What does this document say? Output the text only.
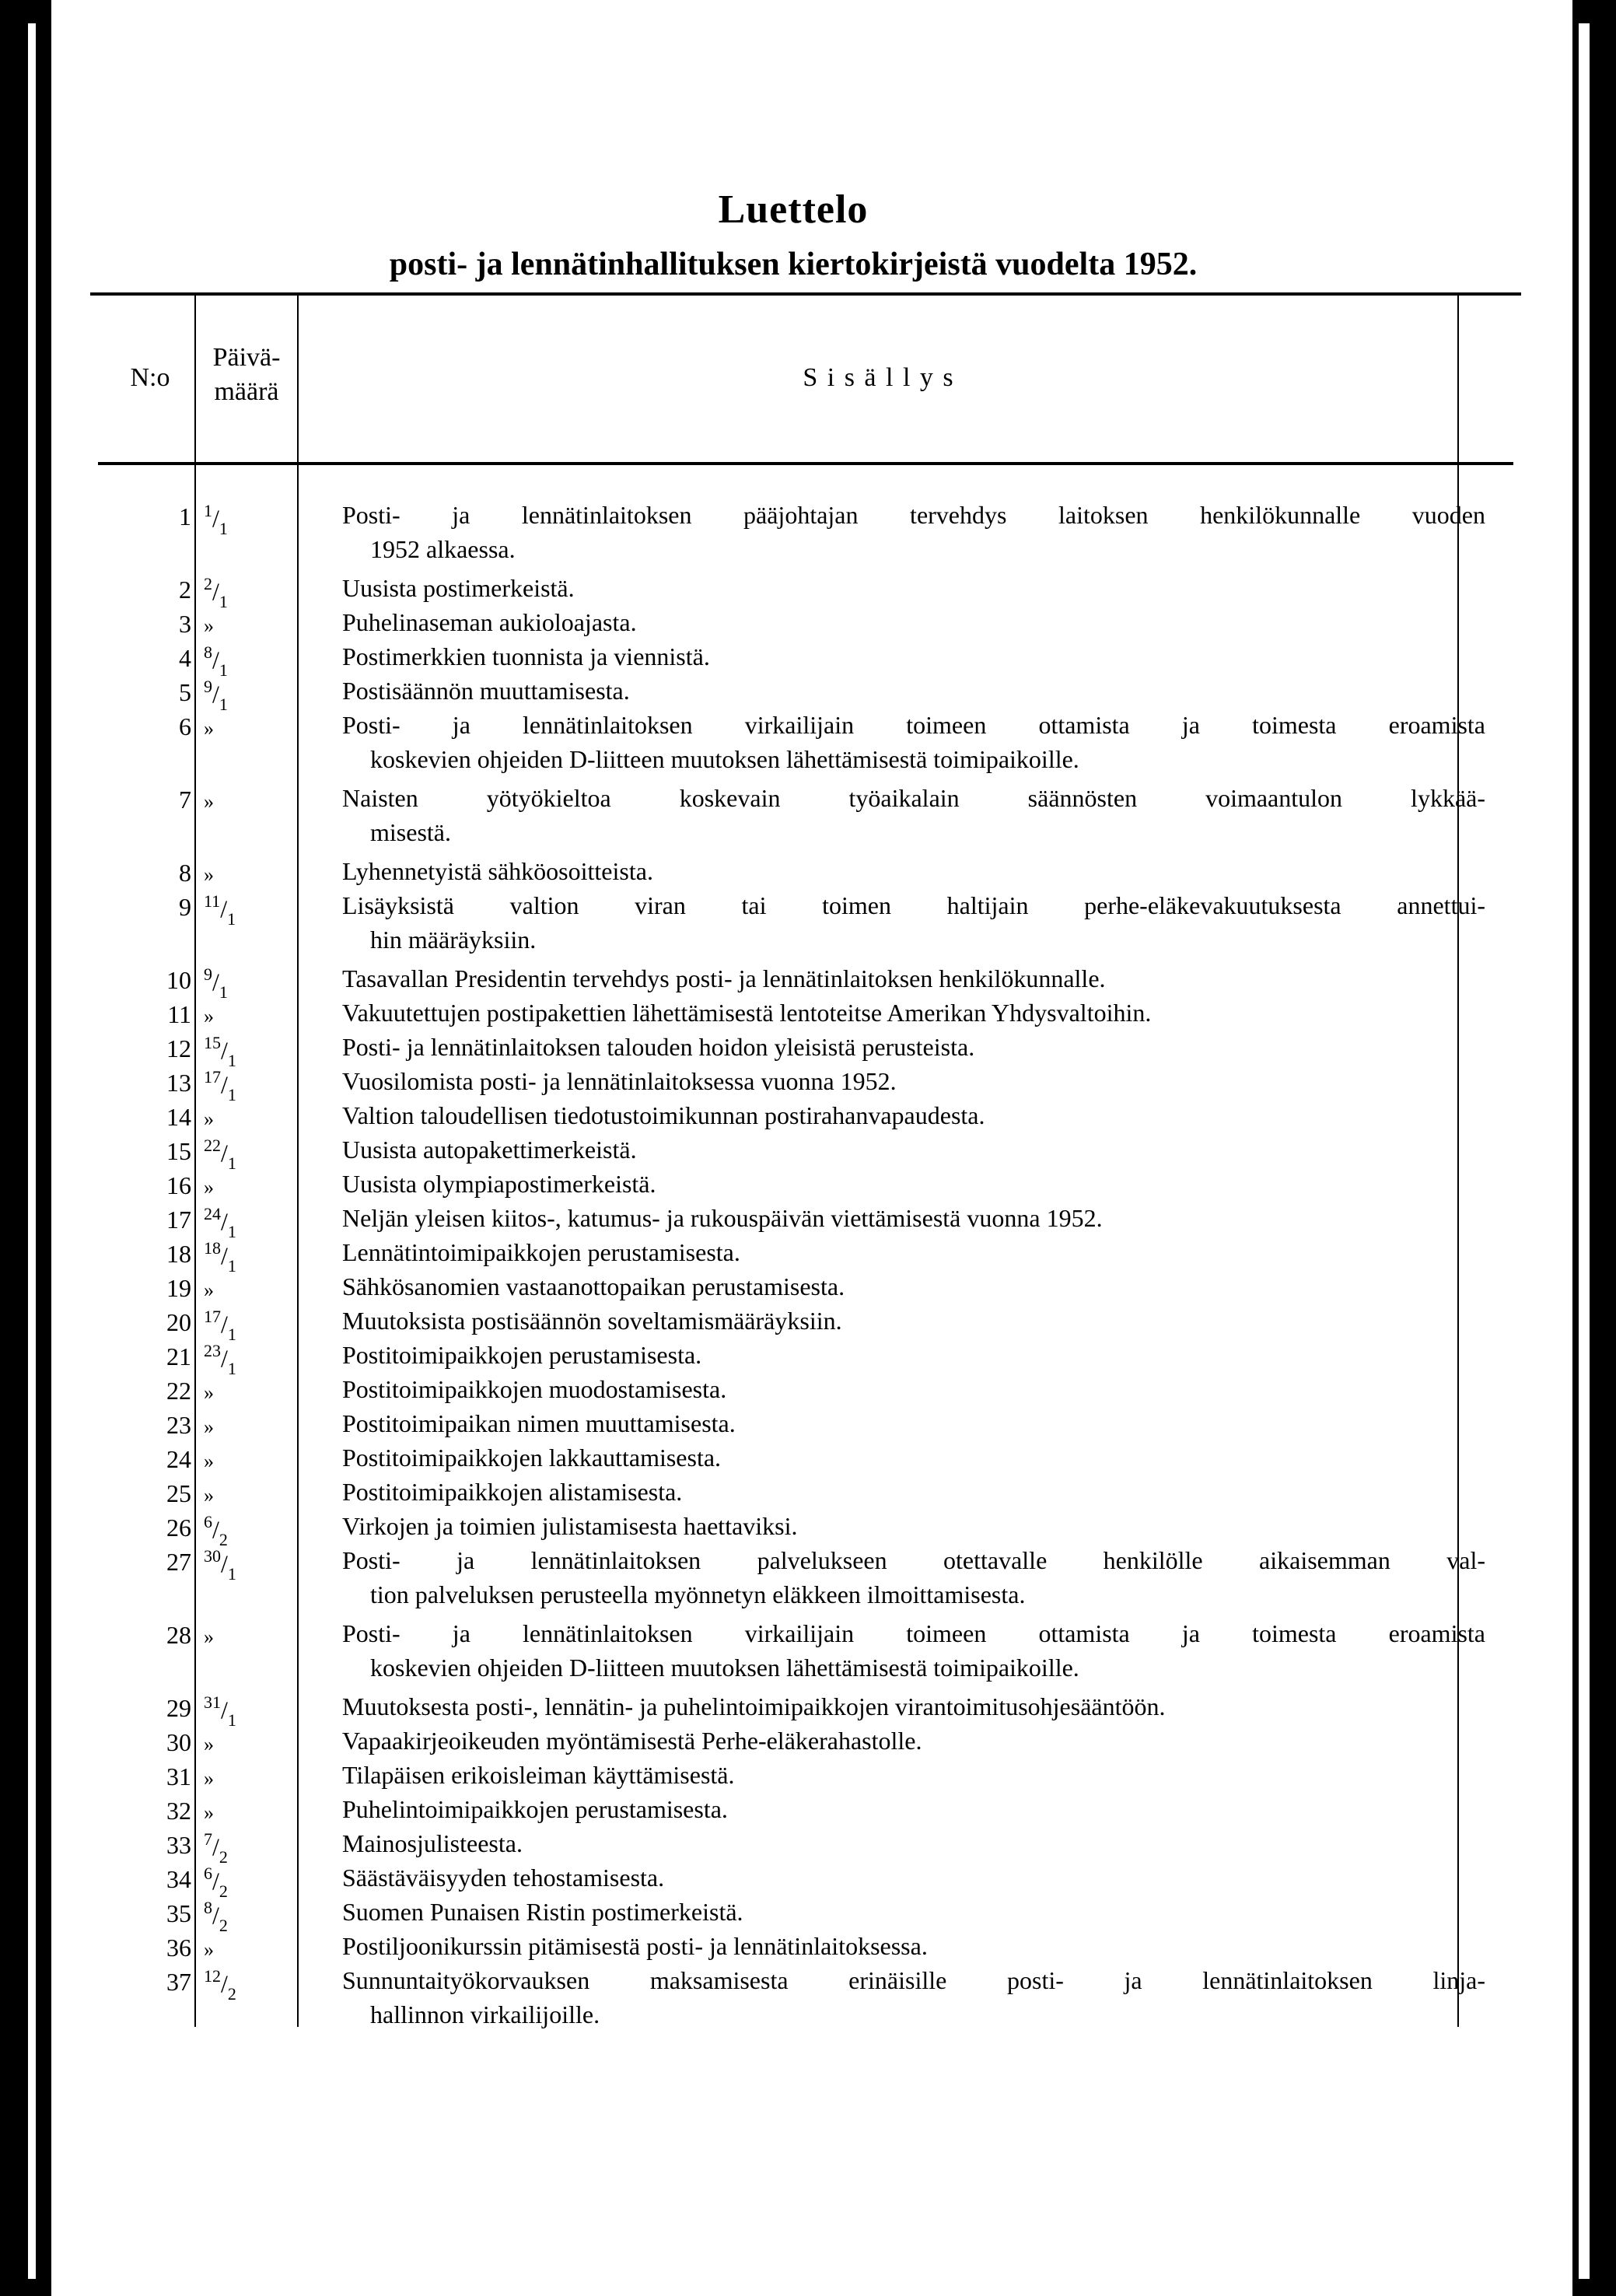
Luettelo
posti- ja lennätinhallituksen kiertokirjeistä vuodelta 1952.
N:o
Päivä-
määrä	S i s ä l l y s
1 $^1/_1$	Posti- ja lennätinlaitoksen pääjohtajan tervehdys laitoksen henkilökunnalle vuoden
1952 alkaessa.
2 $^2/_1$	Uusista postimerkeistä.
3 »	Puhelinaseman aukioloajasta.
4 $^8/_1$	Postimerkkien tuonnista ja viennistä.
5 $^9/_1$	Postisäännön muuttamisesta.
6 »	Posti- ja lennätinlaitoksen virkailijain toimeen ottamista ja toimesta eroamista
koskevien ohjeiden D-liitteen muutoksen lähettämisestä toimipaikoille.
7 »	Naisten yötyökieltoa koskevain työaikalain säännösten voimaantulon lykkää-
misestä.
8 »	Lyhennetyistä sähköosoitteista.
9 $^{11}/_1$	Lisäyksistä valtion viran tai toimen haltijain perhe-eläkevakuutuksesta annettui-
hin määräyksiin.
10 $^9/_1$	Tasavallan Presidentin tervehdys posti- ja lennätinlaitoksen henkilökunnalle.
11 »	Vakuutettujen postipakettien lähettämisestä lentoteitse Amerikan Yhdysvaltoihin.
12 $^{15}/_1$	Posti- ja lennätinlaitoksen talouden hoidon yleisistä perusteista.
13 $^{17}/_1$	Vuosilomista posti- ja lennätinlaitoksessa vuonna 1952.
14 »	Valtion taloudellisen tiedotustoimikunnan postirahanvapaudesta.
15 $^{22}/_1$	Uusista autopakettimerkeistä.
16 »	Uusista olympiapostimerkeistä.
17 $^{24}/_1$	Neljän yleisen kiitos-, katumus- ja rukouspäivän viettämisestä vuonna 1952.
18 $^{18}/_1$	Lennätintoimipaikkojen perustamisesta.
19 »	Sähkösanomien vastaanottopaikan perustamisesta.
20 $^{17}/_1$	Muutoksista postisäännön soveltamismääräyksiin.
21 $^{23}/_1$	Postitoimipaikkojen perustamisesta.
22 »	Postitoimipaikkojen muodostamisesta.
23 »	Postitoimipaikan nimen muuttamisesta.
24 »	Postitoimipaikkojen lakkauttamisesta.
25 »	Postitoimipaikkojen alistamisesta.
26 $^6/_2$	Virkojen ja toimien julistamisesta haettaviksi.
27 $^{30}/_1$	Posti- ja lennätinlaitoksen palvelukseen otettavalle henkilölle aikaisemman val-
tion palveluksen perusteella myönnetyn eläkkeen ilmoittamisesta.
28 »	Posti- ja lennätinlaitoksen virkailijain toimeen ottamista ja toimesta eroamista
koskevien ohjeiden D-liitteen muutoksen lähettämisestä toimipaikoille.
29 $^{31}/_1$	Muutoksesta posti-, lennätin- ja puhelintoimipaikkojen virantoimitusohjesääntöön.
30 »	Vapaakirjeoikeuden myöntämisestä Perhe-eläkerahastolle.
31 »	Tilapäisen erikoisleiman käyttämisestä.
32 »	Puhelintoimipaikkojen perustamisesta.
33 $^7/_2$	Mainosjulisteesta.
34 $^6/_2$	Säästäväisyyden tehostamisesta.
35 $^8/_2$	Suomen Punaisen Ristin postimerkeistä.
36 »	Postiljoonikurssin pitämisestä posti- ja lennätinlaitoksessa.
37 $^{12}/_2$	Sunnuntaityökorvauksen maksamisesta erinäisille posti- ja lennätinlaitoksen linja-
hallinnon virkailijoille.
